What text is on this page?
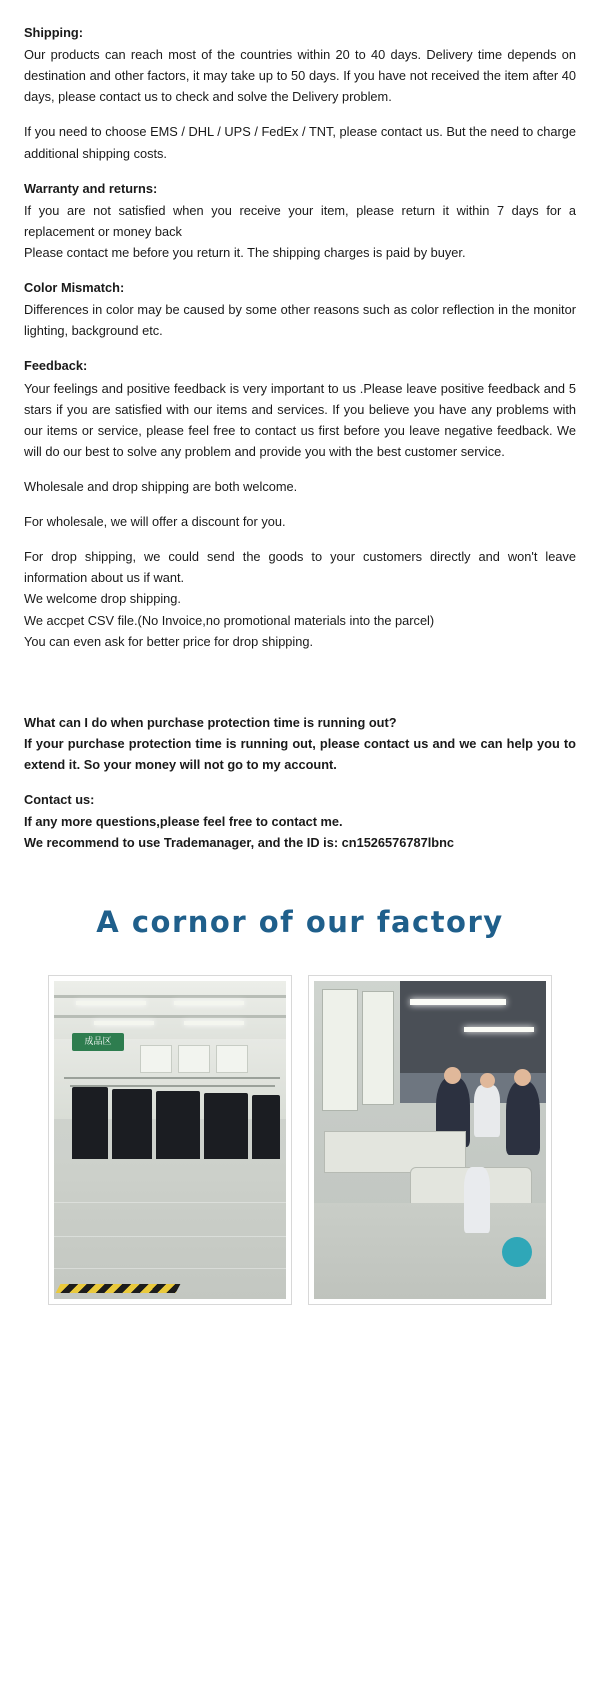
Shipping:

Our products can reach most of the countries within 20 to 40 days. Delivery time depends on destination and other factors, it may take up to 50 days. If you have not received the item after 40 days, please contact us to check and solve the Delivery problem.

If you need to choose EMS / DHL / UPS / FedEx / TNT, please contact us. But the need to charge additional shipping costs.

Warranty and returns:

If you are not satisfied when you receive your item, please return it within 7 days for a replacement or money back

Please contact me before you return it. The shipping charges is paid by buyer.

Color Mismatch:

Differences in color may be caused by some other reasons such as color reflection in the monitor lighting, background etc.

Feedback:

Your feelings and positive feedback is very important to us .Please leave positive feedback and 5 stars if you are satisfied with our items and services. If you believe you have any problems with our items or service, please feel free to contact us first before you leave negative feedback. We will do our best to solve any problem and provide you with the best customer service.

Wholesale and drop shipping are both welcome.

For wholesale, we will offer a discount for you.

For drop shipping, we could send the goods to your customers directly and won't leave information about us if want.

We welcome drop shipping.

We accpet CSV file.(No Invoice,no promotional materials into the parcel)

You can even ask for better price for drop shipping.

What can I do when purchase protection time is running out?

If your purchase protection time is running out, please contact us and we can help you to extend it. So your money will not go to my account.

Contact us:

If any more questions,please feel free to contact me.

We recommend to use Trademanager, and the ID is: cn1526576787lbnc

A cornor of our factory
成品区
